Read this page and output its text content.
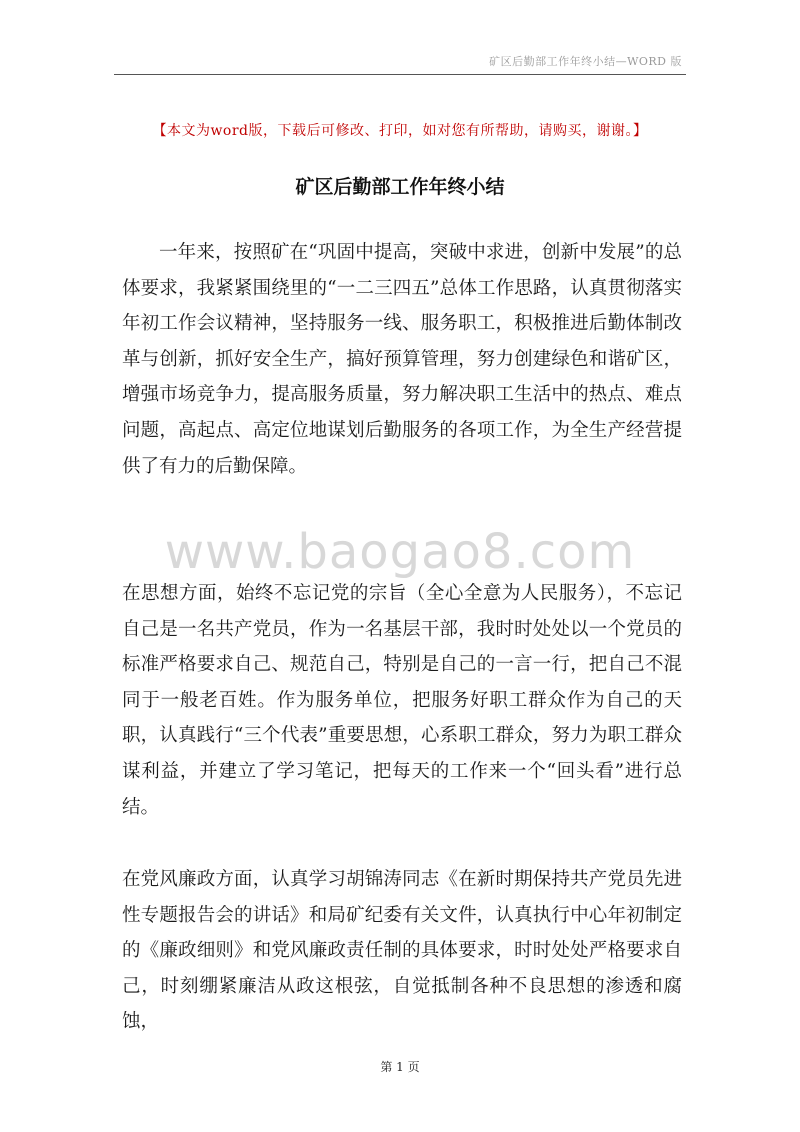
矿区后勤部工作年终小结—WORD 版
【本文为word版，下载后可修改、打印，如对您有所帮助，请购买，谢谢。】
矿区后勤部工作年终小结

一年来，按照矿在“巩固中提高，突破中求进，创新中发展”的总体要求，我紧紧围绕里的“一二三四五”总体工作思路，认真贯彻落实年初工作会议精神，坚持服务一线、服务职工，积极推进后勤体制改革与创新，抓好安全生产，搞好预算管理，努力创建绿色和谐矿区，增强市场竞争力，提高服务质量，努力解决职工生活中的热点、难点问题，高起点、高定位地谋划后勤服务的各项工作，为全生产经营提供了有力的后勤保障。

www.baogao8.com

在思想方面，始终不忘记党的宗旨（全心全意为人民服务），不忘记自己是一名共产党员，作为一名基层干部，我时时处处以一个党员的标准严格要求自己、规范自己，特别是自己的一言一行，把自己不混同于一般老百姓。作为服务单位，把服务好职工群众作为自己的天职，认真践行“三个代表”重要思想，心系职工群众，努力为职工群众谋利益，并建立了学习笔记，把每天的工作来一个“回头看”进行总结。

在党风廉政方面，认真学习胡锦涛同志《在新时期保持共产党员先进性专题报告会的讲话》和局矿纪委有关文件，认真执行中心年初制定的《廉政细则》和党风廉政责任制的具体要求，时时处处严格要求自己，时刻绷紧廉洁从政这根弦，自觉抵制各种不良思想的渗透和腐蚀，

第 1 页
